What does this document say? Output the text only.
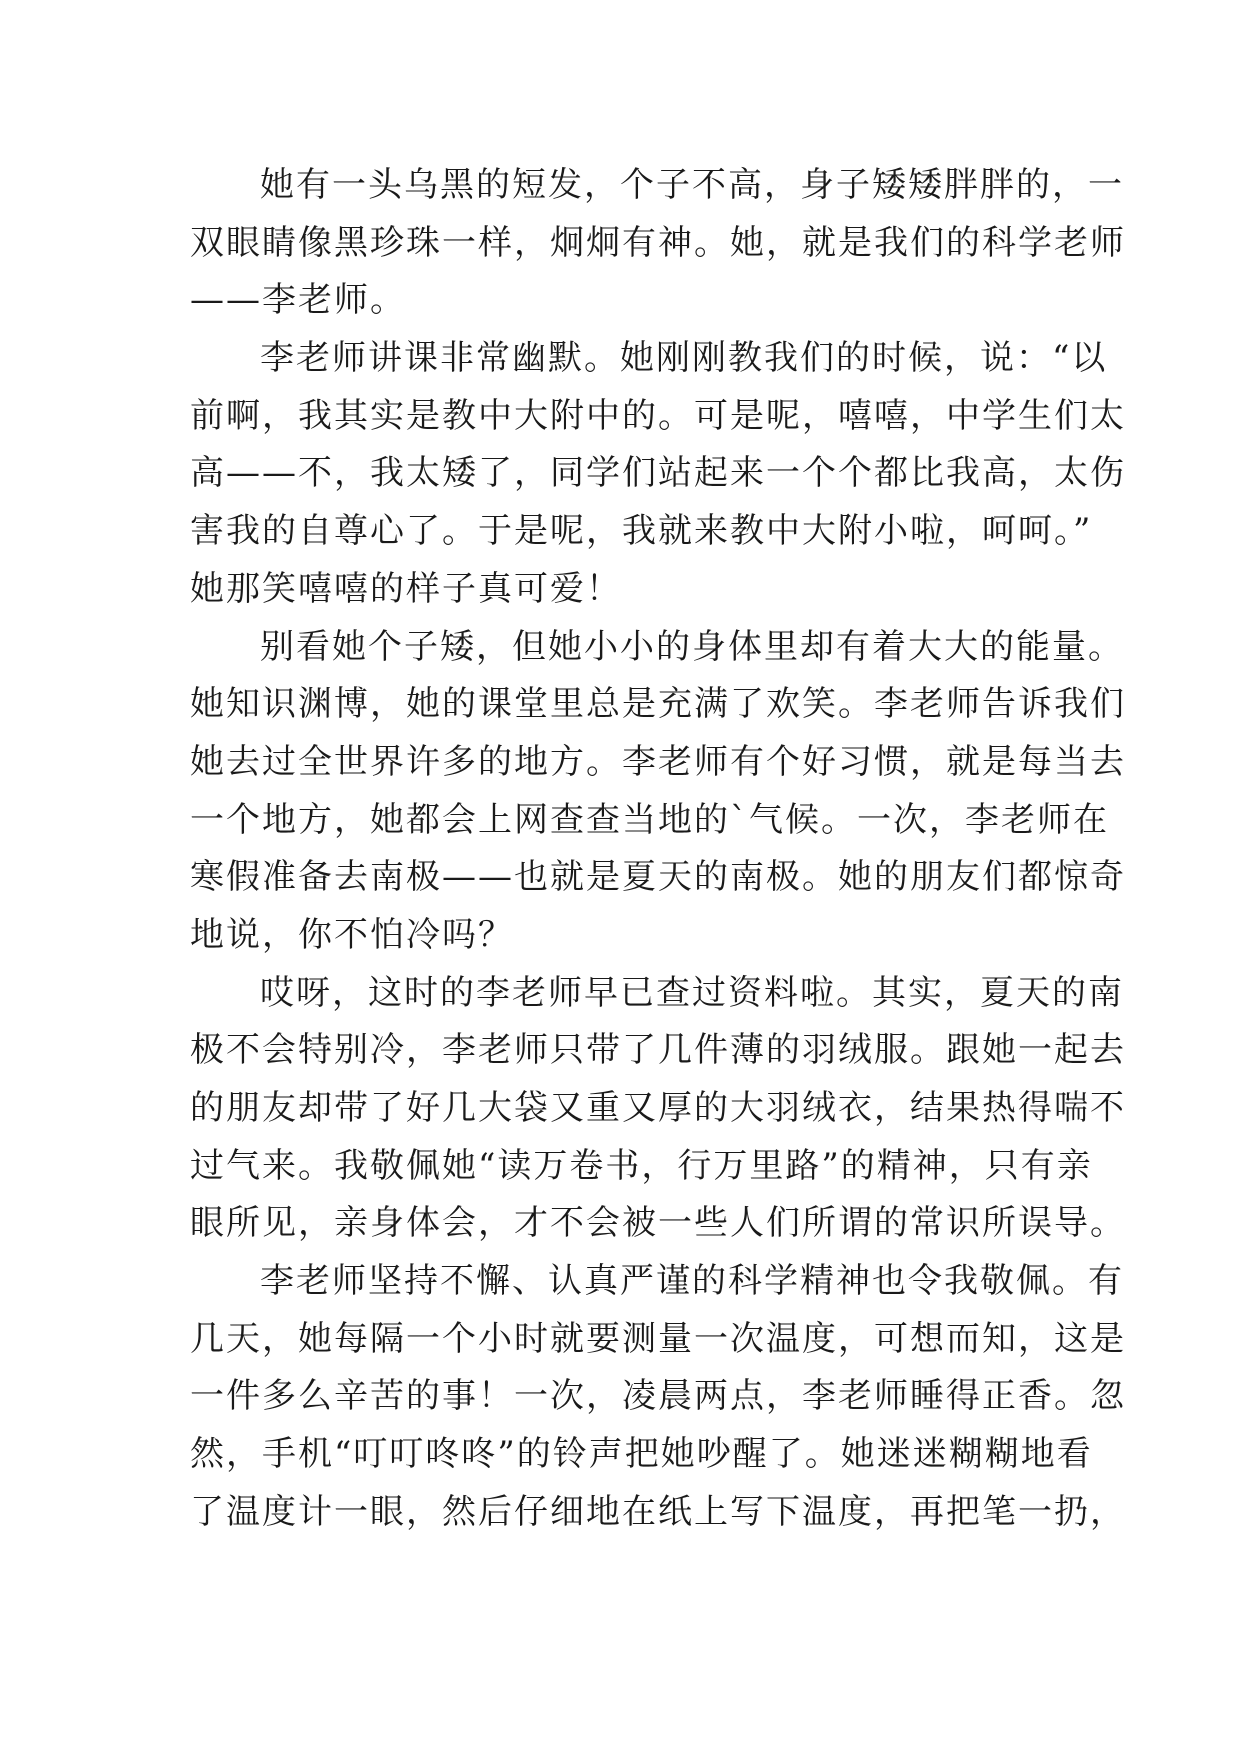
她有一头乌黑的短发，个子不高，身子矮矮胖胖的，一
双眼睛像黑珍珠一样，炯炯有神。她，就是我们的科学老师
——李老师。
李老师讲课非常幽默。她刚刚教我们的时候，说：“以
前啊，我其实是教中大附中的。可是呢，嘻嘻，中学生们太
高——不，我太矮了，同学们站起来一个个都比我高，太伤
害我的自尊心了。于是呢，我就来教中大附小啦，呵呵。”
她那笑嘻嘻的样子真可爱！
别看她个子矮，但她小小的身体里却有着大大的能量。
她知识渊博，她的课堂里总是充满了欢笑。李老师告诉我们
她去过全世界许多的地方。李老师有个好习惯，就是每当去
一个地方，她都会上网查查当地的`气候。一次，李老师在
寒假准备去南极——也就是夏天的南极。她的朋友们都惊奇
地说，你不怕冷吗？
哎呀，这时的李老师早已查过资料啦。其实，夏天的南
极不会特别冷，李老师只带了几件薄的羽绒服。跟她一起去
的朋友却带了好几大袋又重又厚的大羽绒衣，结果热得喘不
过气来。我敬佩她“读万卷书，行万里路”的精神，只有亲
眼所见，亲身体会，才不会被一些人们所谓的常识所误导。
李老师坚持不懈、认真严谨的科学精神也令我敬佩。有
几天，她每隔一个小时就要测量一次温度，可想而知，这是
一件多么辛苦的事！一次，凌晨两点，李老师睡得正香。忽
然，手机“叮叮咚咚”的铃声把她吵醒了。她迷迷糊糊地看
了温度计一眼，然后仔细地在纸上写下温度，再把笔一扔，
